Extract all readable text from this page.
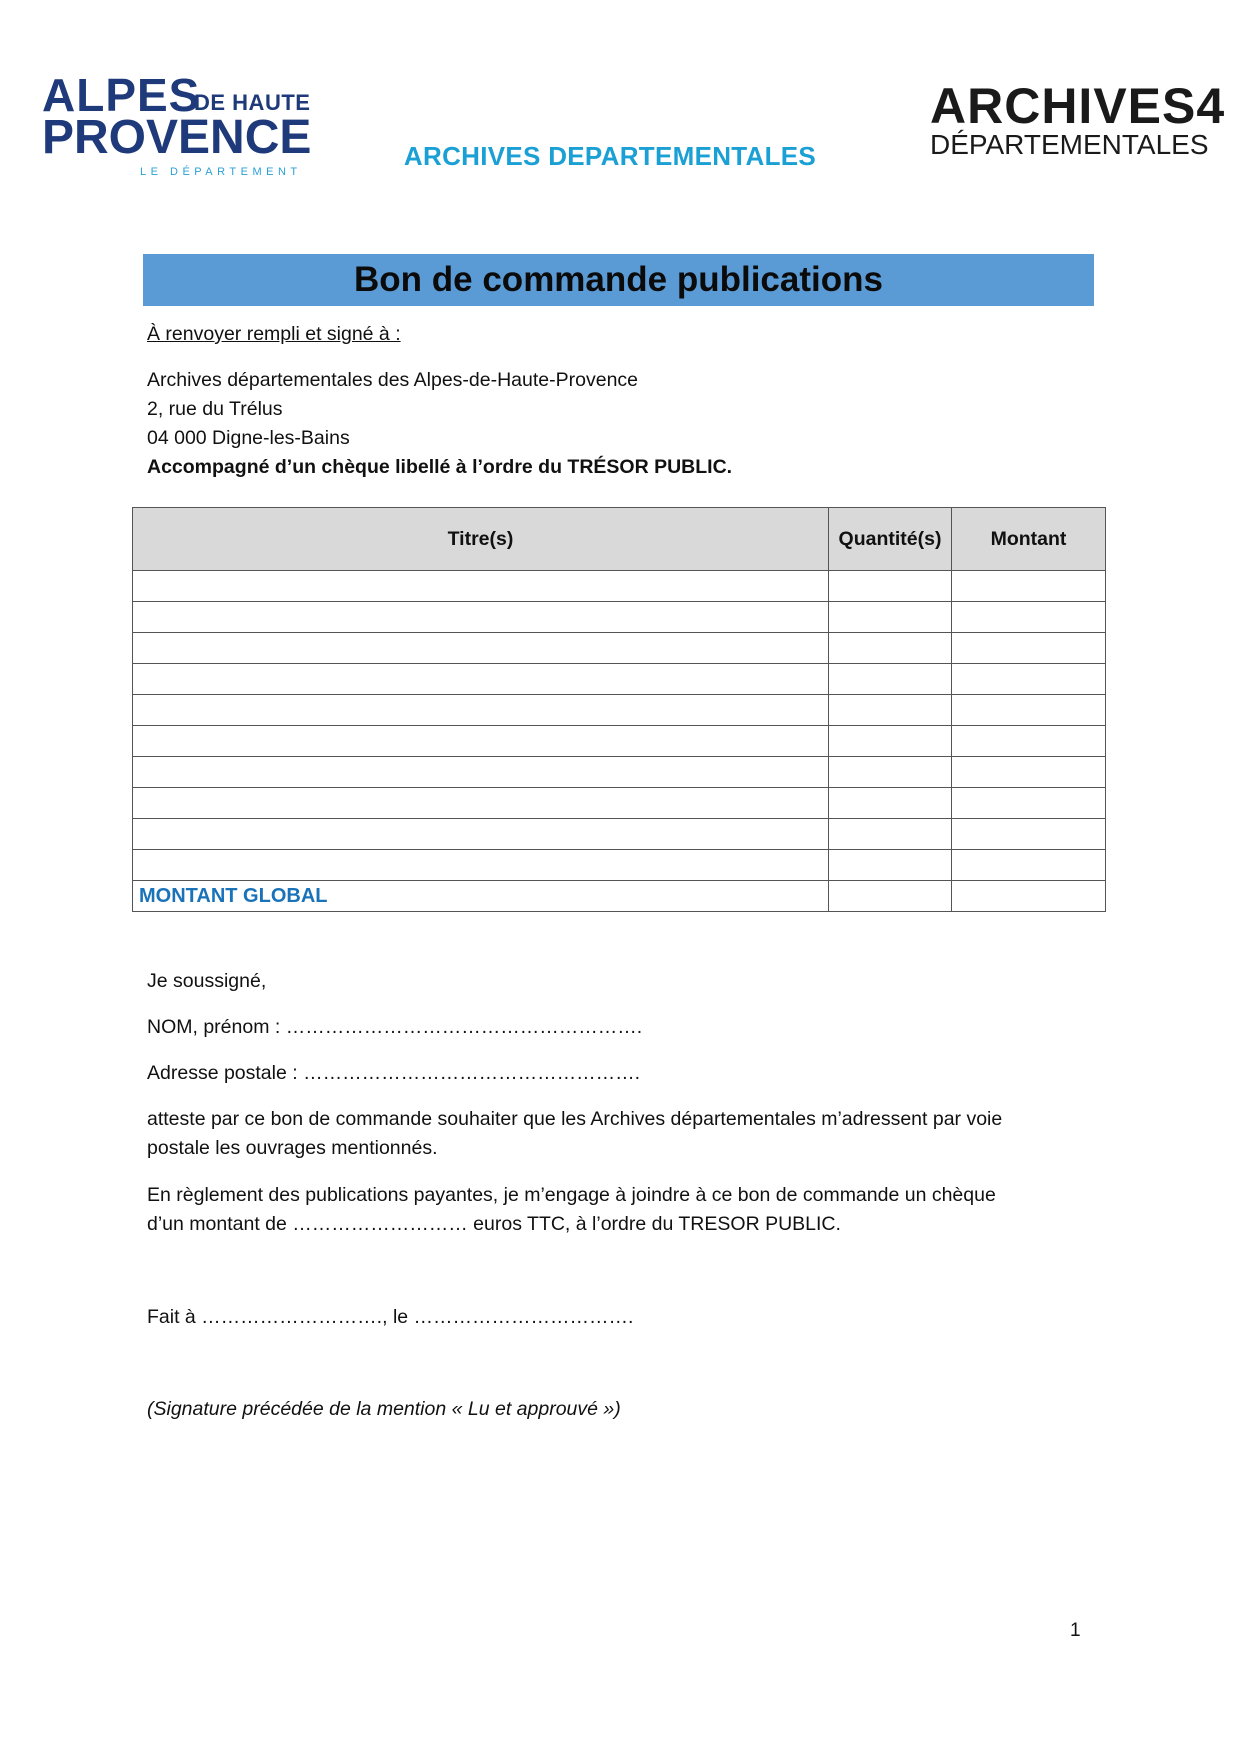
ALPES
DE HAUTE
PROVENCE
LE DÉPARTEMENT
ARCHIVES DEPARTEMENTALES
ARCHIVES4
DÉPARTEMENTALES
Bon de commande publications
À renvoyer rempli et signé à :
Archives départementales des Alpes-de-Haute-Provence
2, rue du Trélus
04 000 Digne-les-Bains
Accompagné d’un chèque libellé à l’ordre du TRÉSOR PUBLIC.
Titre(s)	Quantité(s)	Montant

MONTANT GLOBAL		
Je soussigné,
NOM, prénom : ……………………………………………….
Adresse postale : …………………………………………….
atteste par ce bon de commande souhaiter que les Archives départementales m’adressent par voie
postale les ouvrages mentionnés.
En règlement des publications payantes, je m’engage à joindre à ce bon de commande un chèque
d’un montant de ……………………… euros TTC, à l’ordre du TRESOR PUBLIC.
Fait à ………………………., le …………………………….
(Signature précédée de la mention « Lu et approuvé »)
1
